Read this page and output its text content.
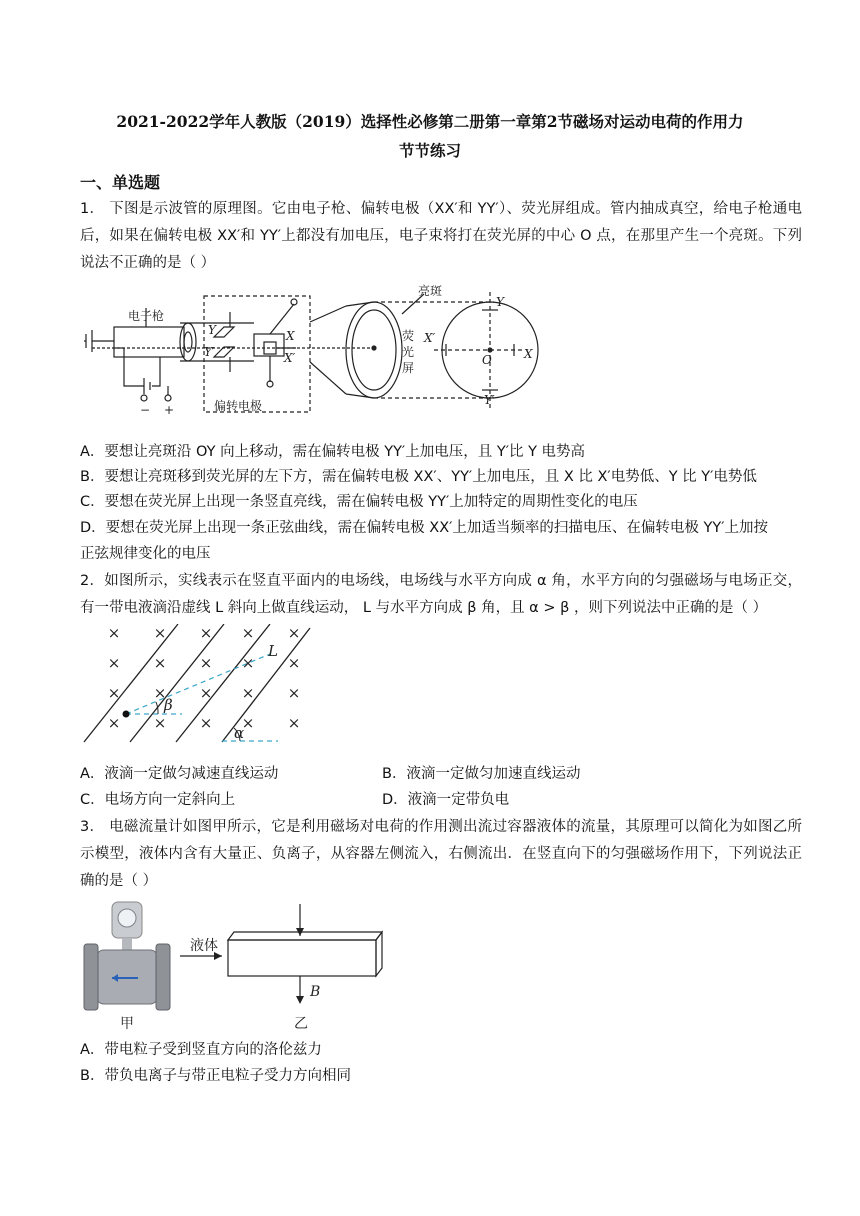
2021-2022学年人教版（2019）选择性必修第二册第一章第2节磁场对运动电荷的作用力
节节练习
一、单选题
1． 下图是示波管的原理图。它由电子枪、偏转电极（XX′和 YY′）、荧光屏组成。管内抽成真空，给电子枪通电后，如果在偏转电极 XX′和 YY′上都没有加电压，电子束将打在荧光屏的中心 O 点，在那里产生一个亮斑。下列说法不正确的是（ ）
电子枪
偏转电极
亮斑
荧
光
屏
Y
Y′
X
X′
Y
Y′
X′
X
O
− +
A．要想让亮斑沿 OY 向上移动，需在偏转电极 YY′上加电压，且 Y′比 Y 电势高
B．要想让亮斑移到荧光屏的左下方，需在偏转电极 XX′、YY′上加电压，且 X 比 X′电势低、Y 比 Y′电势低
C．要想在荧光屏上出现一条竖直亮线，需在偏转电极 YY′上加特定的周期性变化的电压
D．要想在荧光屏上出现一条正弦曲线，需在偏转电极 XX′上加适当频率的扫描电压、在偏转电极 YY′上加按
正弦规律变化的电压
2．如图所示，实线表示在竖直平面内的电场线，电场线与水平方向成 α 角，水平方向的匀强磁场与电场正交，有一带电液滴沿虚线 L 斜向上做直线运动， L 与水平方向成 β 角，且 α > β ，则下列说法中正确的是（ ）
× × × × ×
× × × × ×
× × × × ×
× × × × ×
L
β
α
A．液滴一定做匀减速直线运动	B．液滴一定做匀加速直线运动
C．电场方向一定斜向上	D．液滴一定带负电
3． 电磁流量计如图甲所示，它是利用磁场对电荷的作用测出流过容器液体的流量，其原理可以简化为如图乙所示模型，液体内含有大量正、负离子，从容器左侧流入，右侧流出．在竖直向下的匀强磁场作用下，下列说法正确的是（ ）
液体
B
甲	乙
A．带电粒子受到竖直方向的洛伦兹力
B．带负电离子与带正电粒子受力方向相同
